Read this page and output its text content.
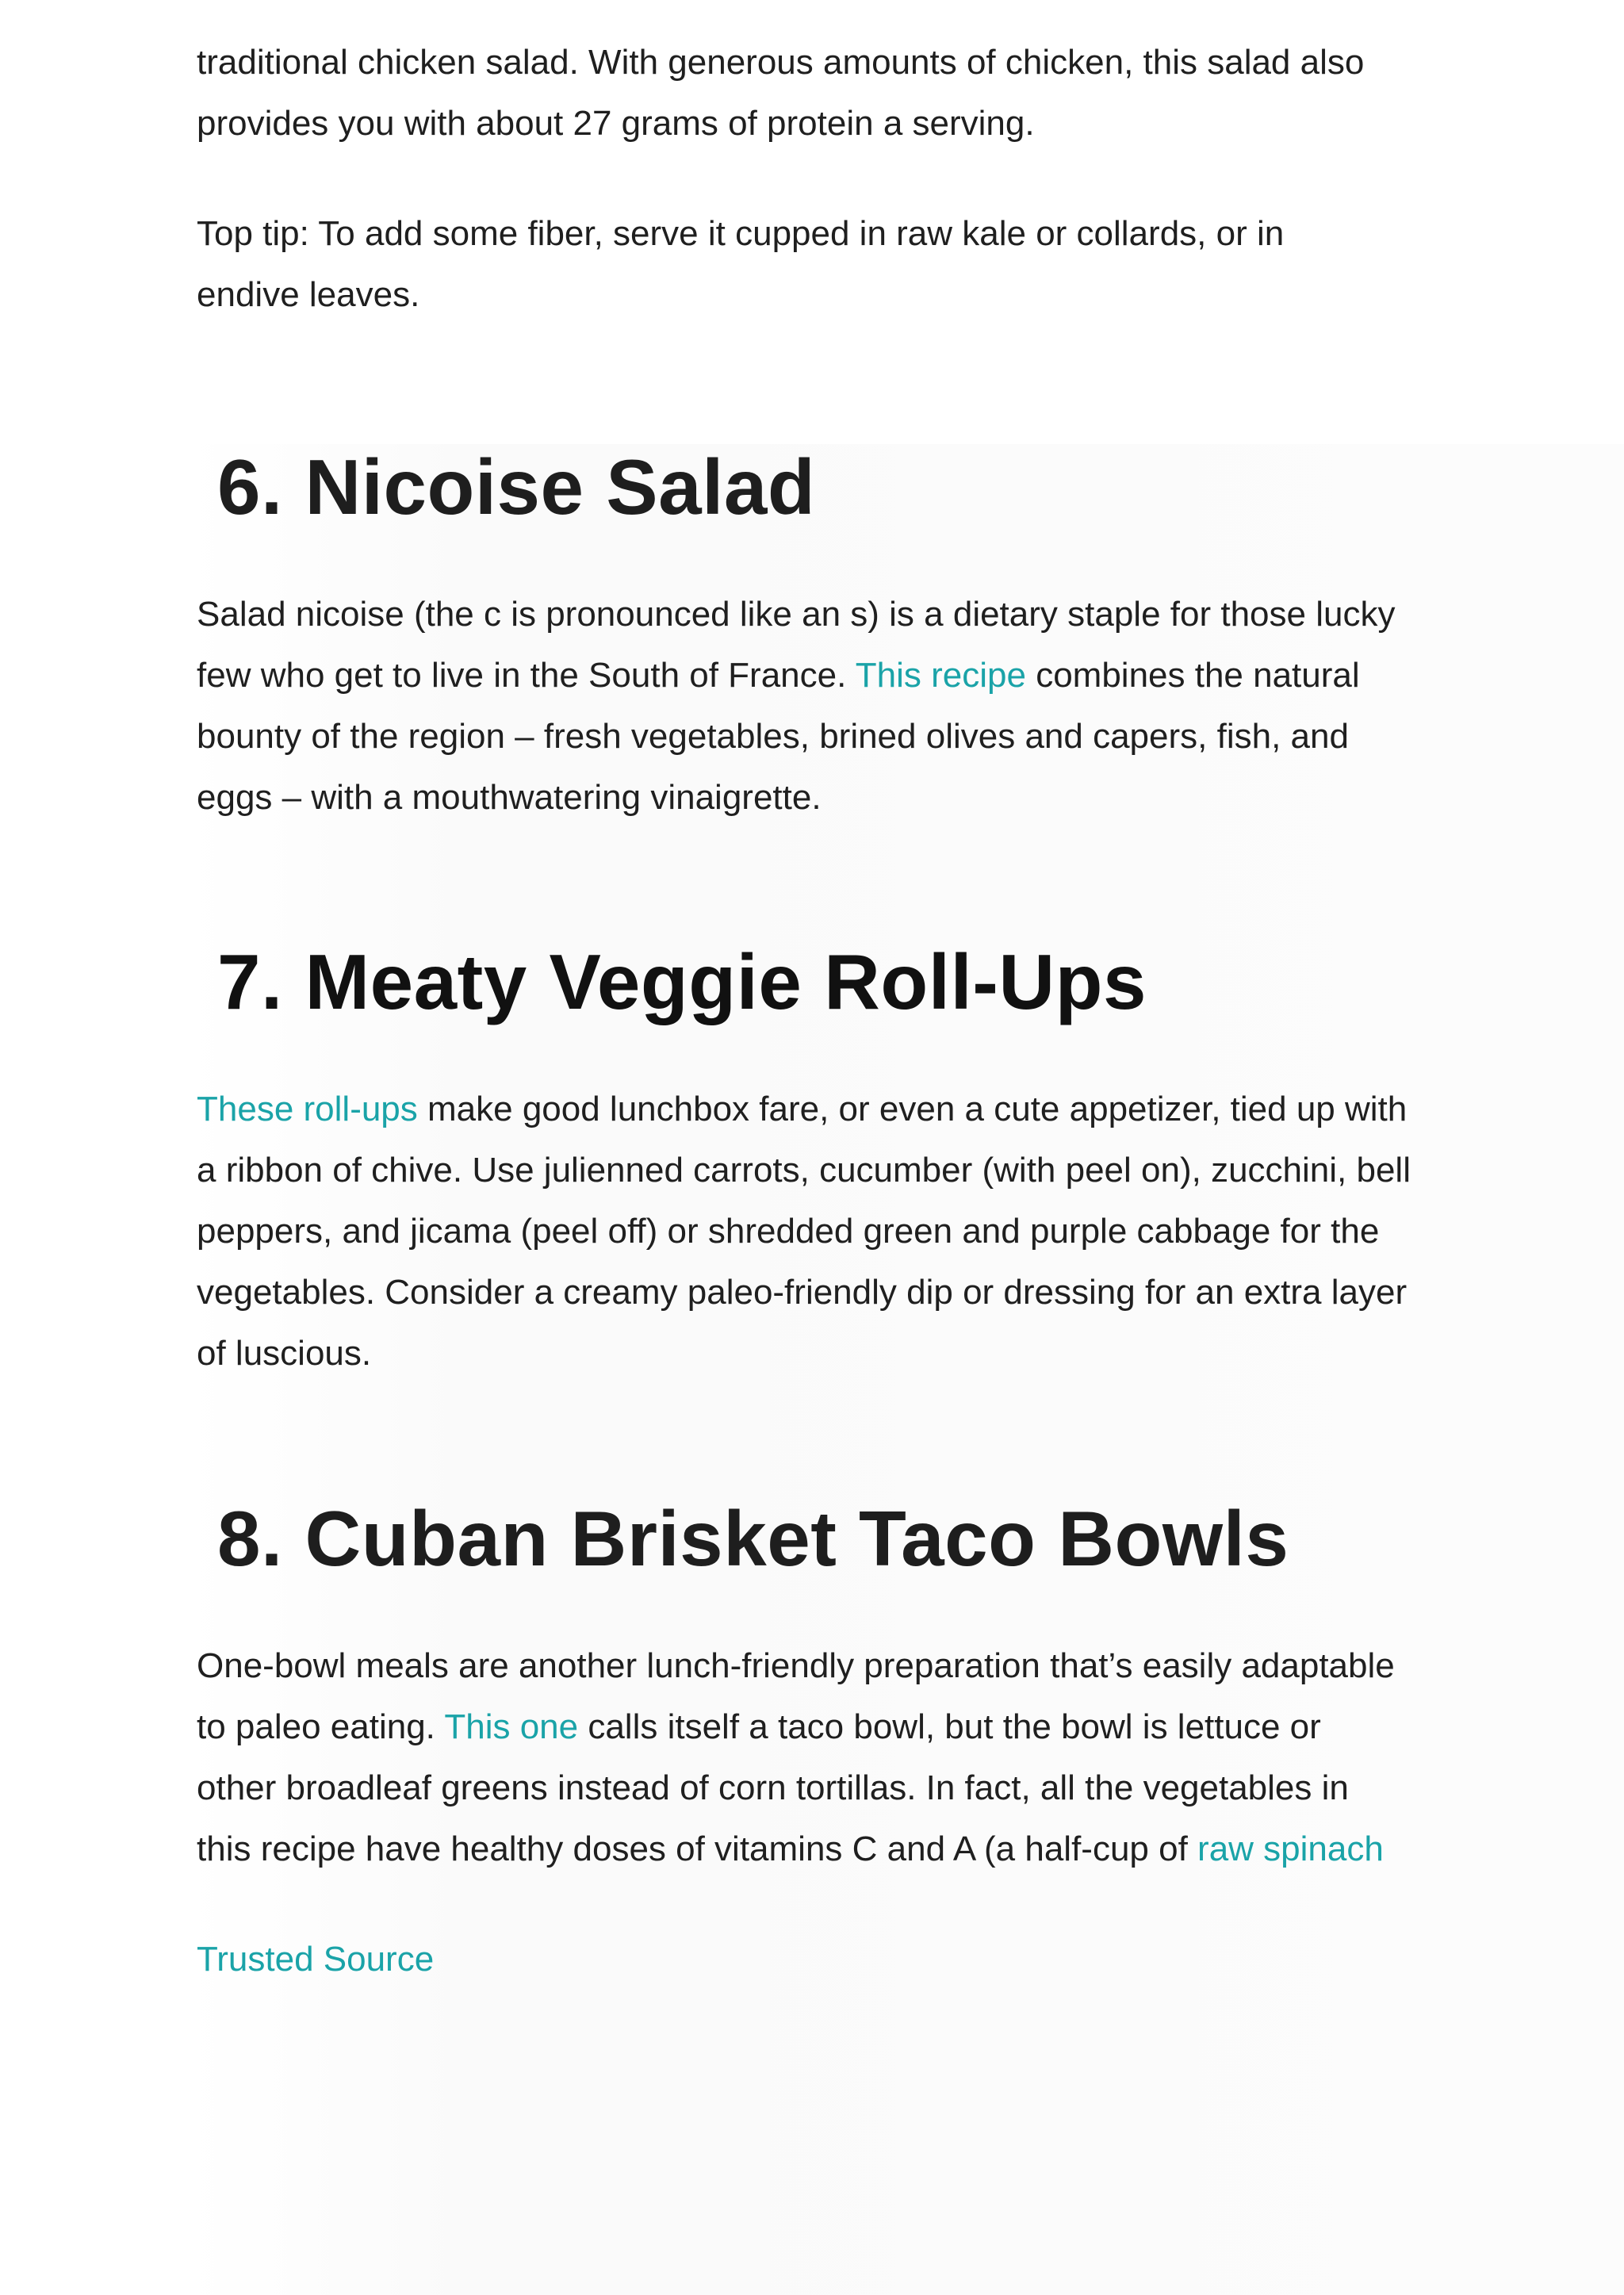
traditional chicken salad. With generous amounts of chicken, this salad also provides you with about 27 grams of protein a serving.

Top tip: To add some fiber, serve it cupped in raw kale or collards, or in endive leaves.

6. Nicoise Salad

Salad nicoise (the c is pronounced like an s) is a dietary staple for those lucky few who get to live in the South of France. This recipe combines the natural bounty of the region – fresh vegetables, brined olives and capers, fish, and eggs – with a mouthwatering vinaigrette.

7. Meaty Veggie Roll-Ups

These roll-ups make good lunchbox fare, or even a cute appetizer, tied up with a ribbon of chive. Use julienned carrots, cucumber (with peel on), zucchini, bell peppers, and jicama (peel off) or shredded green and purple cabbage for the vegetables. Consider a creamy paleo-friendly dip or dressing for an extra layer of luscious.

8. Cuban Brisket Taco Bowls

One-bowl meals are another lunch-friendly preparation that’s easily adaptable to paleo eating. This one calls itself a taco bowl, but the bowl is lettuce or other broadleaf greens instead of corn tortillas. In fact, all the vegetables in this recipe have healthy doses of vitamins C and A (a half-cup of raw spinach

Trusted Source
